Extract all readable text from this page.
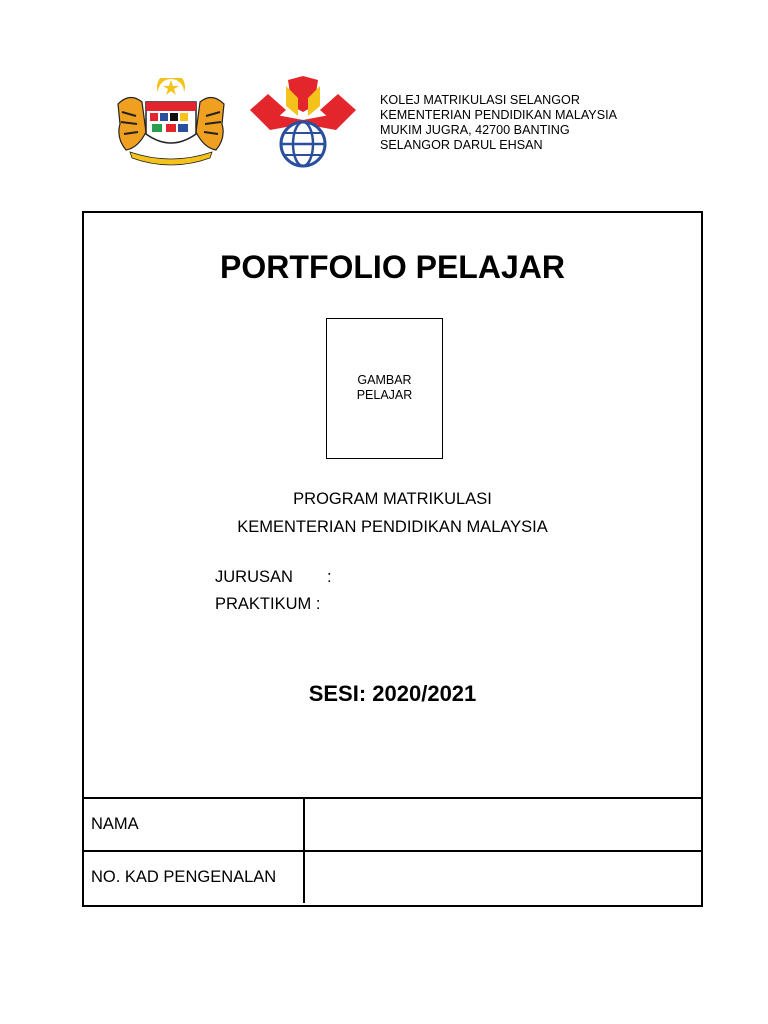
KOLEJ MATRIKULASI SELANGOR
KEMENTERIAN PENDIDIKAN MALAYSIA
MUKIM JUGRA, 42700 BANTING
SELANGOR DARUL EHSAN
PORTFOLIO PELAJAR
GAMBAR
PELAJAR
PROGRAM MATRIKULASI
KEMENTERIAN PENDIDIKAN MALAYSIA
JURUSAN :
PRAKTIKUM :
SESI: 2020/2021
NAMA	
NO. KAD PENGENALAN	
